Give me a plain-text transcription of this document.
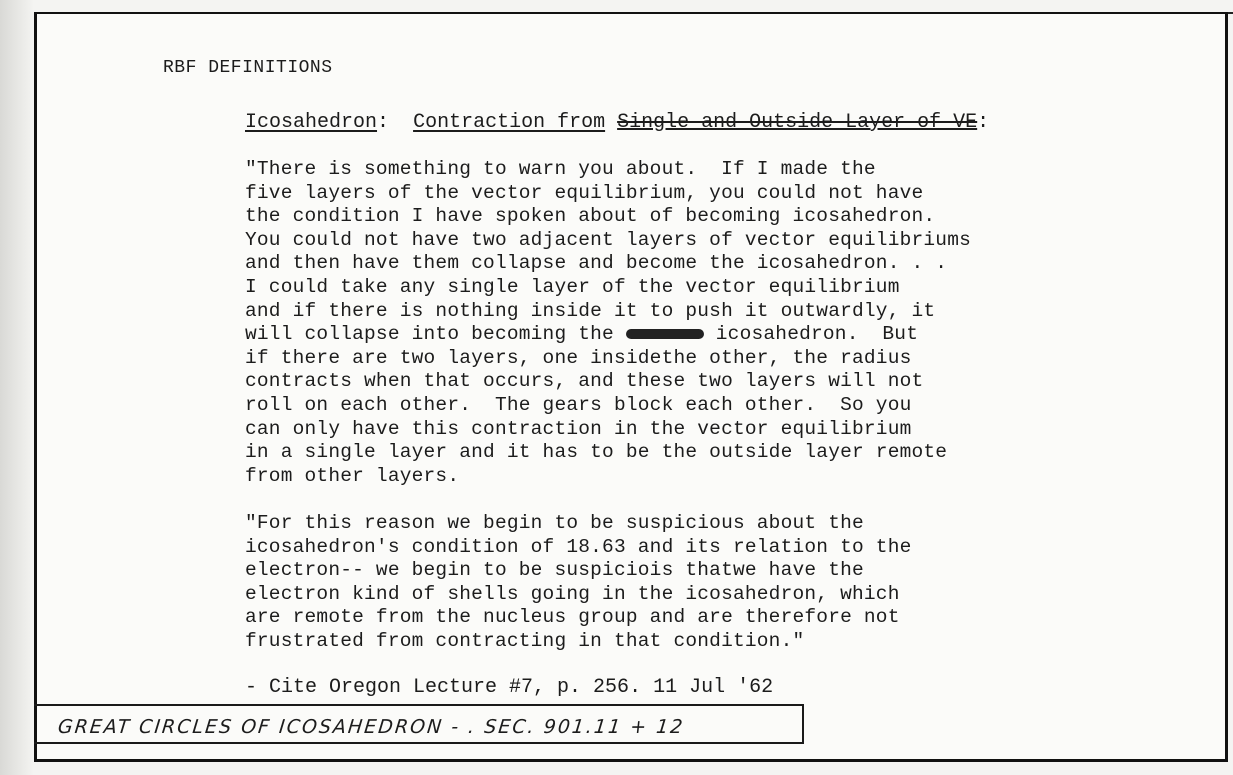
RBF DEFINITIONS
Icosahedron: Contraction from Single and Outside Layer of VE:
"There is something to warn you about.  If I made the
five layers of the vector equilibrium, you could not have
the condition I have spoken about of becoming icosahedron.
You could not have two adjacent layers of vector equilibriums
and then have them collapse and become the icosahedron. . .
I could take any single layer of the vector equilibrium
and if there is nothing inside it to push it outwardly, it
will collapse into becoming the	icosahedron.  But
if there are two layers, one insidethe other, the radius
contracts when that occurs, and these two layers will not
roll on each other.  The gears block each other.  So you
can only have this contraction in the vector equilibrium
in a single layer and it has to be the outside layer remote
from other layers.
"For this reason we begin to be suspicious about the
icosahedron's condition of 18.63 and its relation to the
electron-- we begin to be suspiciois thatwe have the
electron kind of shells going in the icosahedron, which
are remote from the nucleus group and are therefore not
frustrated from contracting in that condition."
- Cite Oregon Lecture #7, p. 256. 11 Jul '62
GREAT CIRCLES OF ICOSAHEDRON - . SEC. 901.11 + 12
